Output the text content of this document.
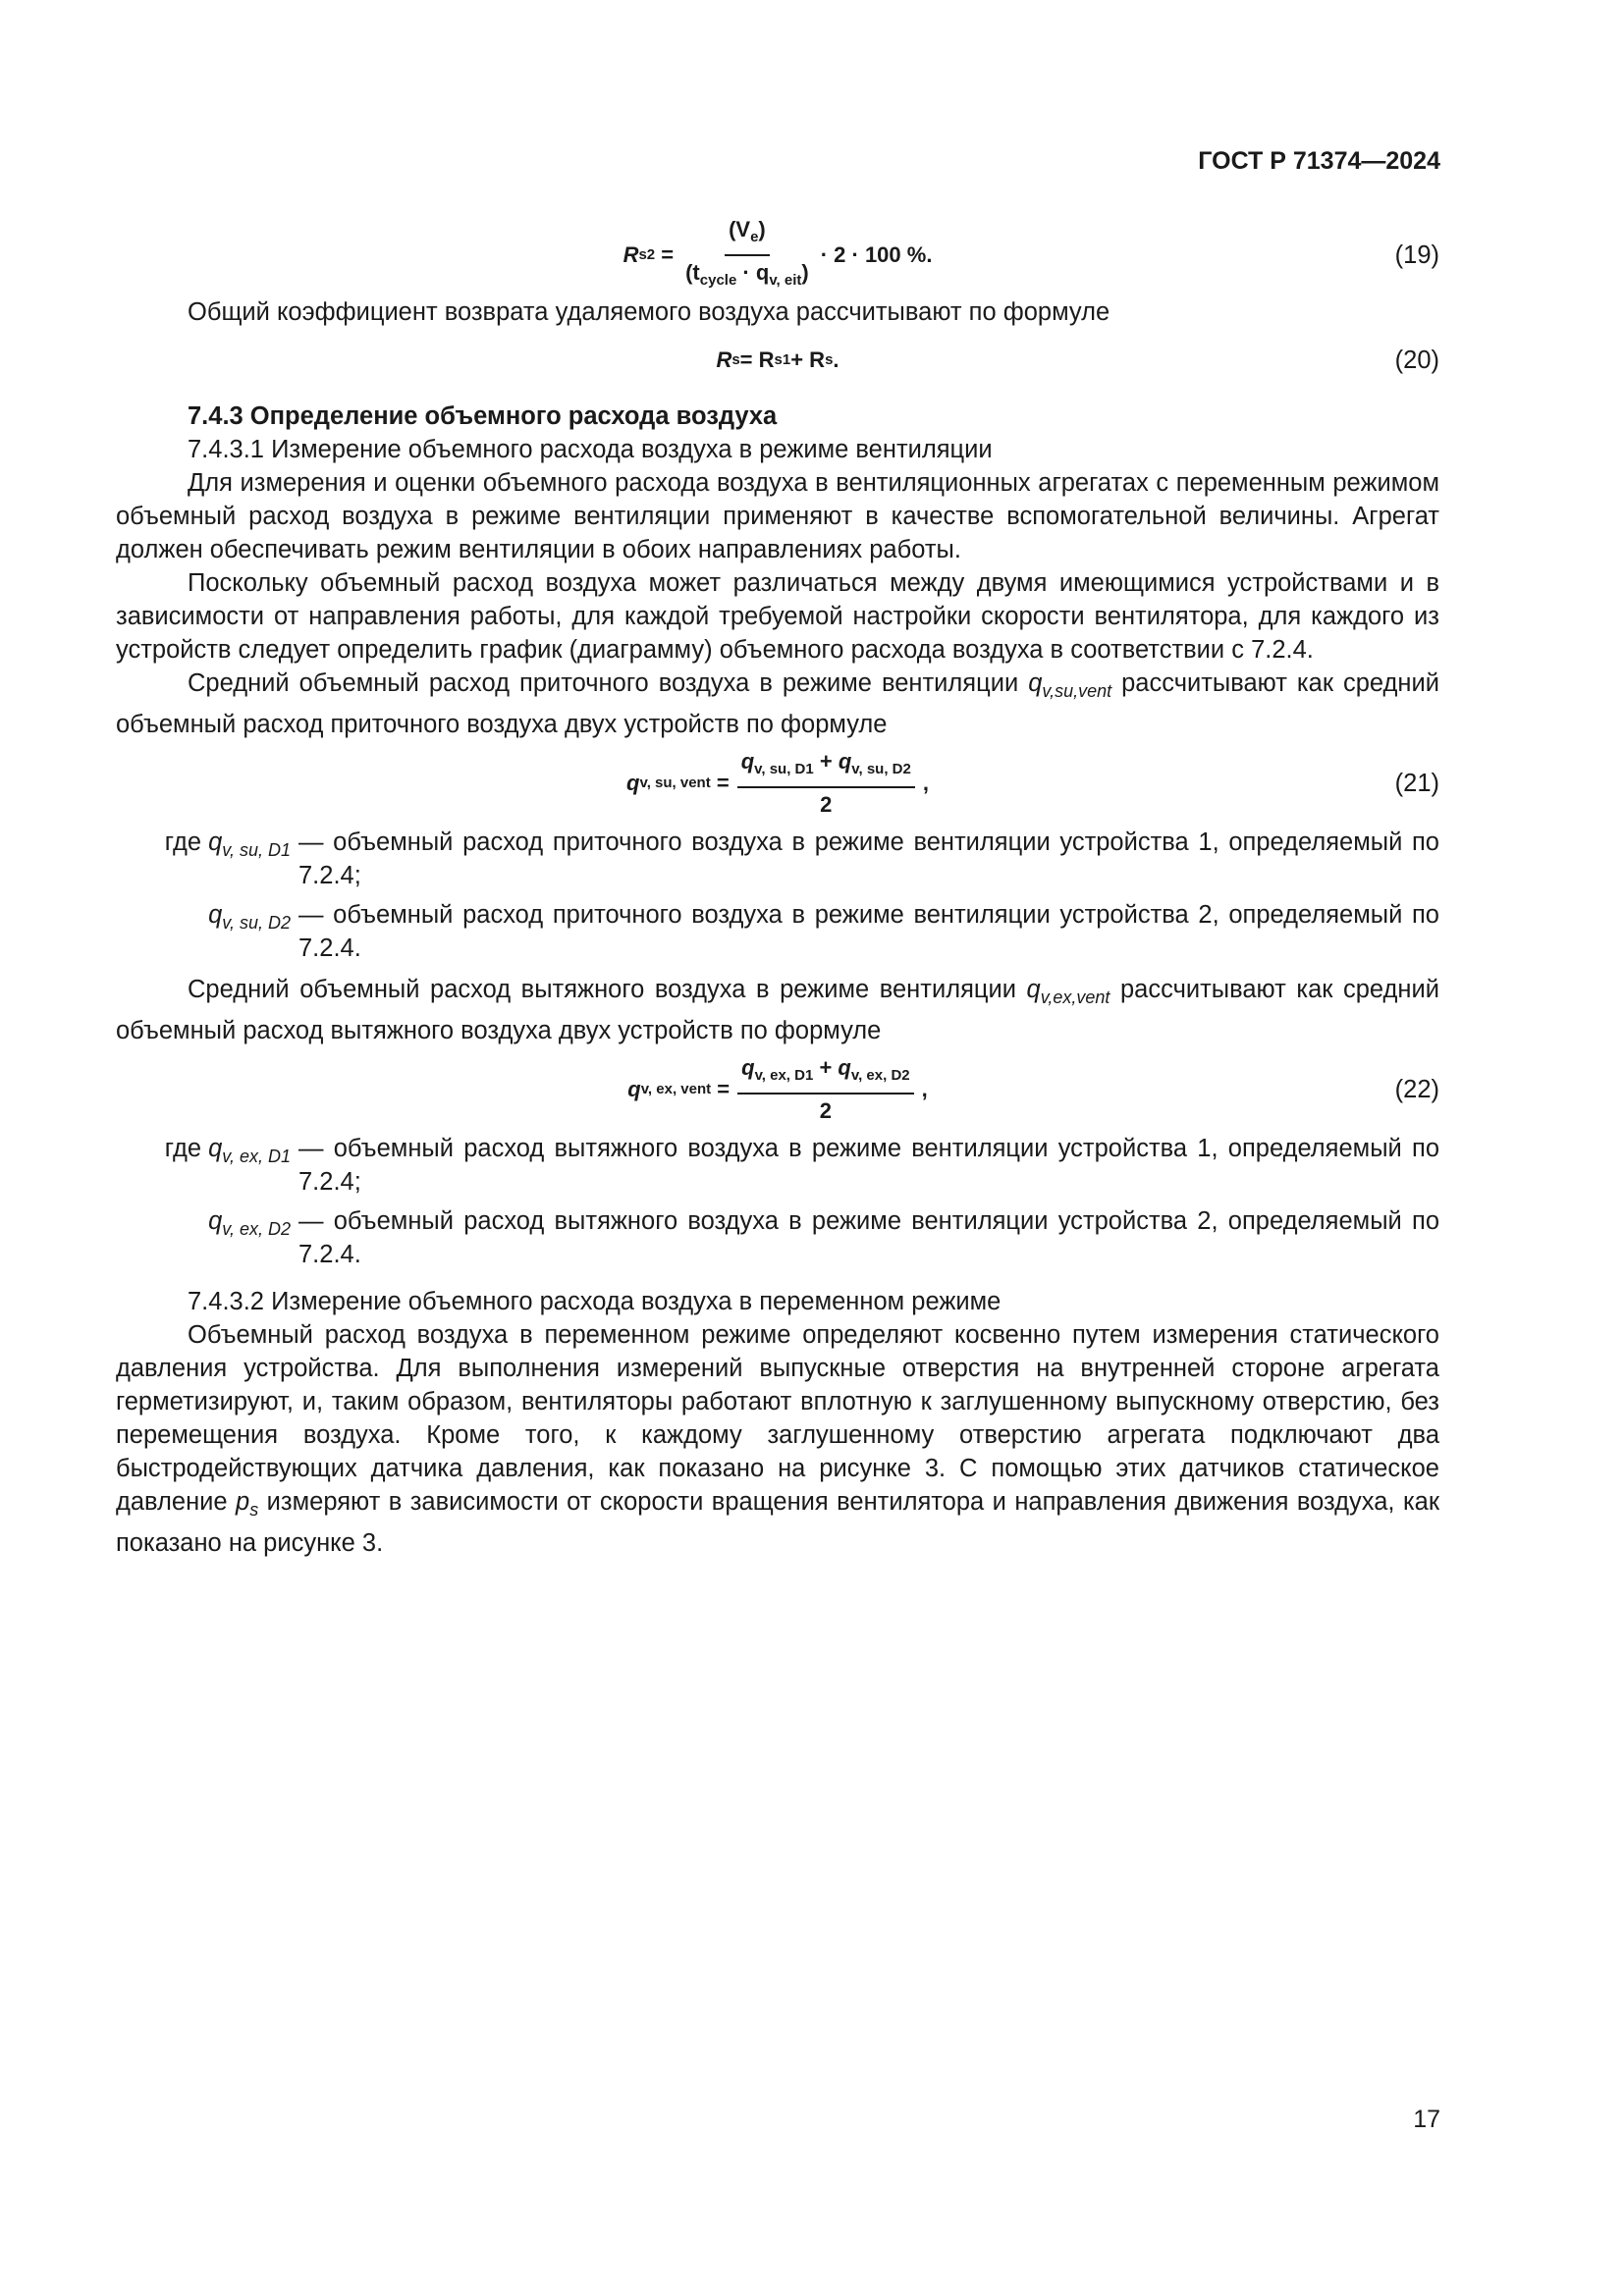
ГОСТ Р 71374—2024
R $s2 = \frac{(V_e)}{(t_{cycle} \cdot q_{v, eit})} \cdot 2 \cdot 100$ %.	(19)

Общий коэффициент возврата удаляемого воздуха рассчитывают по формуле

R s = R s1 + R s .	(20)

7.4.3 Определение объемного расхода воздуха

7.4.3.1 Измерение объемного расхода воздуха в режиме вентиляции

Для измерения и оценки объемного расхода воздуха в вентиляционных агрегатах с переменным режимом объемный расход воздуха в режиме вентиляции применяют в качестве вспомогательной величины. Агрегат должен обеспечивать режим вентиляции в обоих направлениях работы.

Поскольку объемный расход воздуха может различаться между двумя имеющимися устройствами и в зависимости от направления работы, для каждой требуемой настройки скорости вентилятора, для каждого из устройств следует определить график (диаграмму) объемного расхода воздуха в соответствии с 7.2.4.

Средний объемный расход приточного воздуха в режиме вентиляции $q_{v,su,vent}$ рассчитывают как средний объемный расход приточного воздуха двух устройств по формуле

q v, su, vent = $\frac{q_{v, su, D1} + q_{v, su, D2}}{2}$ ,	(21)
где $q_{v, su, D1}$ — объемный расход приточного воздуха в режиме вентиляции устройства 1, определяемый по 7.2.4;
$q_{v, su, D2}$ — объемный расход приточного воздуха в режиме вентиляции устройства 2, определяемый по 7.2.4.

Средний объемный расход вытяжного воздуха в режиме вентиляции $q_{v,ex,vent}$ рассчитывают как средний объемный расход вытяжного воздуха двух устройств по формуле

q v, ex, vent = $\frac{q_{v, ex, D1} + q_{v, ex, D2}}{2}$ ,	(22)
где $q_{v, ex, D1}$ — объемный расход вытяжного воздуха в режиме вентиляции устройства 1, определяемый по 7.2.4;
$q_{v, ex, D2}$ — объемный расход вытяжного воздуха в режиме вентиляции устройства 2, определяемый по 7.2.4.

7.4.3.2 Измерение объемного расхода воздуха в переменном режиме

Объемный расход воздуха в переменном режиме определяют косвенно путем измерения статического давления устройства. Для выполнения измерений выпускные отверстия на внутренней стороне агрегата герметизируют, и, таким образом, вентиляторы работают вплотную к заглушенному выпускному отверстию, без перемещения воздуха. Кроме того, к каждому заглушенному отверстию агрегата подключают два быстродействующих датчика давления, как показано на рисунке 3. С помощью этих датчиков статическое давление $p_s$ измеряют в зависимости от скорости вращения вентилятора и направления движения воздуха, как показано на рисунке 3.

17
